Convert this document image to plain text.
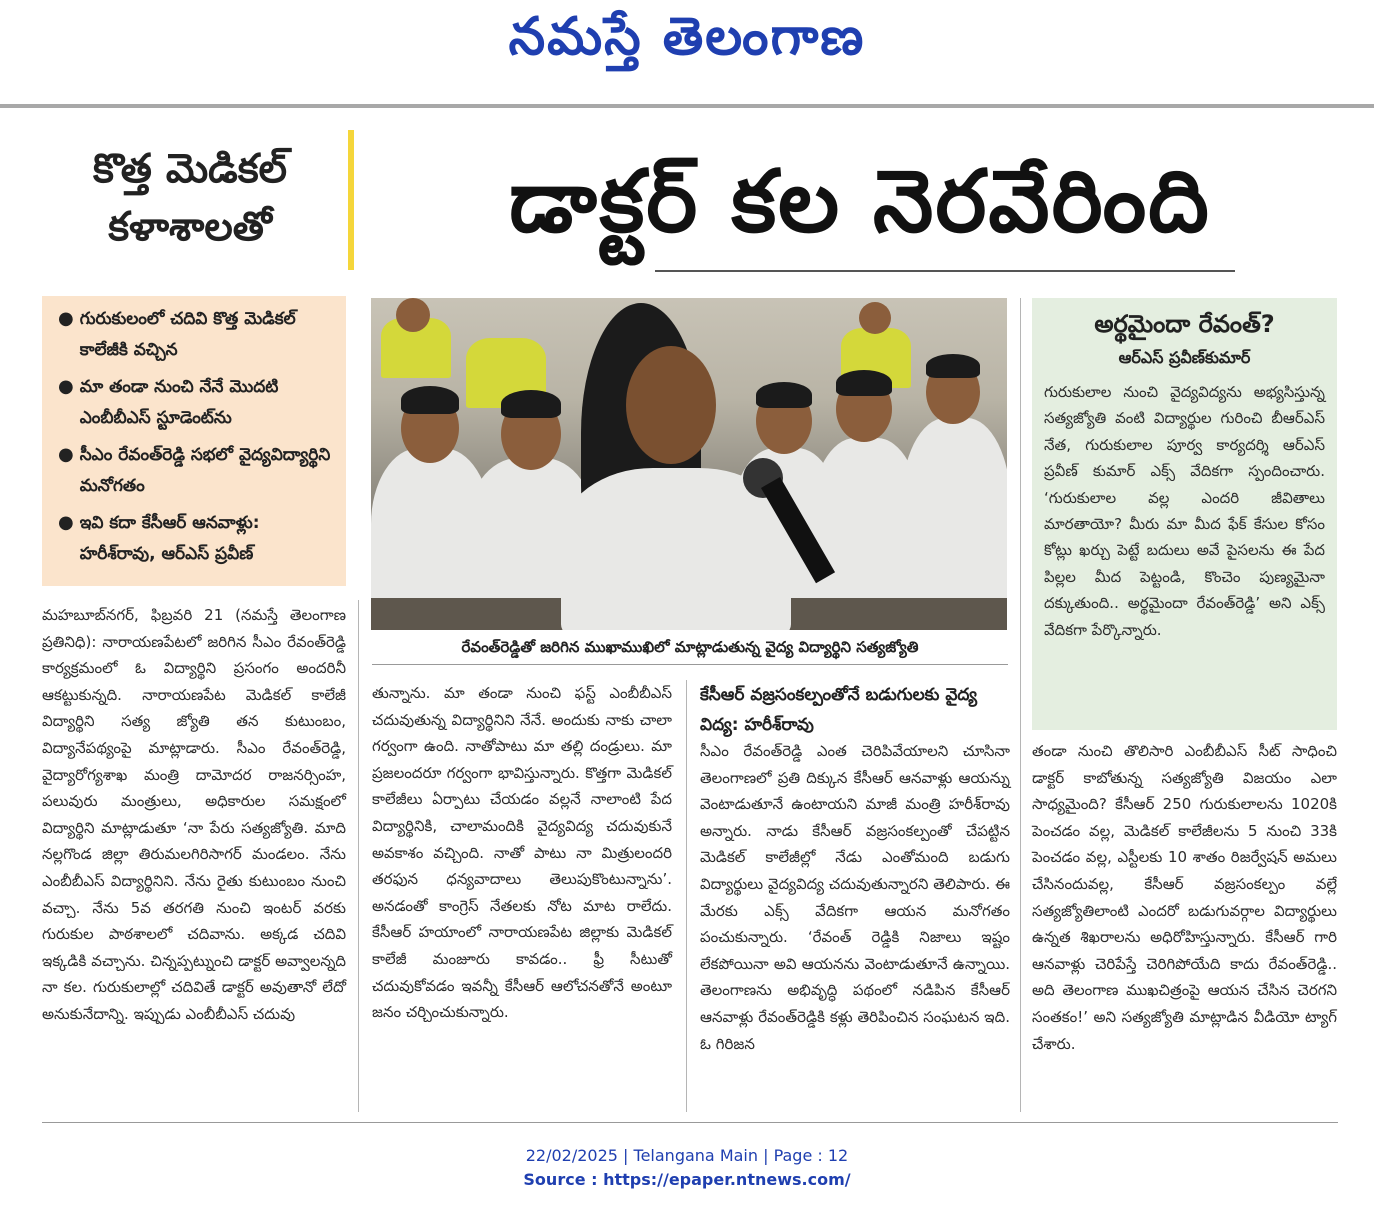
నమస్తే తెలంగాణ
కొత్త మెడికల్
కళాశాలతో	డాక్టర్ కల నెరవేరింది
● గురుకులంలో చదివి కొత్త మెడికల్ కాలేజీకి వచ్చిన
● మా తండా నుంచి నేనే మొదటి ఎంబీబీఎస్ స్టూడెంట్‌ను
● సీఎం రేవంత్‌రెడ్డి సభలో వైద్యవిద్యార్థిని మనోగతం
● ఇవి కదా కేసీఆర్ ఆనవాళ్లు: హరీశ్‌రావు, ఆర్ఎస్ ప్రవీణ్
రేవంత్‌రెడ్డితో జరిగిన ముఖాముఖిలో మాట్లాడుతున్న వైద్య విద్యార్థిని సత్యజ్యోతి
అర్థమైందా రేవంత్?
ఆర్ఎస్ ప్రవీణ్‌కుమార్
గురుకులాల నుంచి వైద్యవిద్యను అభ్యసిస్తున్న సత్యజ్యోతి వంటి విద్యార్థుల గురించి బీఆర్ఎస్ నేత, గురుకులాల పూర్వ కార్యదర్శి ఆర్ఎస్ ప్రవీణ్ కుమార్ ఎక్స్ వేదికగా స్పందించారు. ‘గురుకులాల వల్ల ఎందరి జీవితాలు మారతాయో? మీరు మా మీద ఫేక్ కేసుల కోసం కోట్లు ఖర్చు పెట్టే బదులు అవే పైసలను ఈ పేద పిల్లల మీద పెట్టండి, కొంచెం పుణ్యమైనా దక్కుతుంది.. అర్థమైందా రేవంత్‌రెడ్డి’ అని ఎక్స్ వేదికగా పేర్కొన్నారు.
మహబూబ్‌నగర్, ఫిబ్రవరి 21 (నమస్తే తెలంగాణ ప్రతినిధి): నారాయణపేటలో జరిగిన సీఎం రేవంత్‌రెడ్డి కార్యక్రమంలో ఓ విద్యార్థిని ప్రసంగం అందరినీ ఆకట్టుకున్నది. నారాయణపేట మెడికల్ కాలేజీ విద్యార్థిని సత్య జ్యోతి తన కుటుంబం, విద్యానేపథ్యంపై మాట్లాడారు. సీఎం రేవంత్‌రెడ్డి, వైద్యారోగ్యశాఖ మంత్రి దామోదర రాజనర్సింహ, పలువురు మంత్రులు, అధికారుల సమక్షంలో విద్యార్థిని మాట్లాడుతూ ‘నా పేరు సత్యజ్యోతి. మాది నల్లగొండ జిల్లా తిరుమలగిరిసాగర్ మండలం. నేను ఎంబీబీఎస్ విద్యార్థినిని. నేను రైతు కుటుంబం నుంచి వచ్చా. నేను 5వ తరగతి నుంచి ఇంటర్ వరకు గురుకుల పాఠశాలలో చదివాను. అక్కడ చదివి ఇక్కడికి వచ్చాను. చిన్నప్పట్నుంచి డాక్టర్ అవ్వాలన్నది నా కల. గురుకులాల్లో చదివితే డాక్టర్ అవుతానో లేదో అనుకునేదాన్ని. ఇప్పుడు ఎంబీబీఎస్ చదువు
తున్నాను. మా తండా నుంచి ఫస్ట్ ఎంబీబీఎస్ చదువుతున్న విద్యార్థినిని నేనే. అందుకు నాకు చాలా గర్వంగా ఉంది. నాతోపాటు మా తల్లి దండ్రులు. మా ప్రజలందరూ గర్వంగా భావిస్తున్నారు. కొత్తగా మెడికల్ కాలేజీలు ఏర్పాటు చేయడం వల్లనే నాలాంటి పేద విద్యార్థినికి, చాలామందికి వైద్యవిద్య చదువుకునే అవకాశం వచ్చింది. నాతో పాటు నా మిత్రులందరి తరఫున ధన్యవాదాలు తెలుపుకొంటున్నాను’. అనడంతో కాంగ్రెస్ నేతలకు నోట మాట రాలేదు. కేసీఆర్ హయాంలో నారాయణపేట జిల్లాకు మెడికల్ కాలేజీ మంజూరు కావడం.. ఫ్రీ సీటుతో చదువుకోవడం ఇవన్నీ కేసీఆర్ ఆలోచనతోనే అంటూ జనం చర్చించుకున్నారు.
కేసీఆర్ వజ్రసంకల్పంతోనే బడుగులకు వైద్య విద్య: హరీశ్‌రావు
సీఎం రేవంత్‌రెడ్డి ఎంత చెరిపివేయాలని చూసినా తెలంగాణలో ప్రతి దిక్కున కేసీఆర్ ఆనవాళ్లు ఆయన్ను వెంటాడుతూనే ఉంటాయని మాజీ మంత్రి హరీశ్‌రావు అన్నారు. నాడు కేసీఆర్ వజ్రసంకల్పంతో చేపట్టిన మెడికల్ కాలేజీల్లో నేడు ఎంతోమంది బడుగు విద్యార్థులు వైద్యవిద్య చదువుతున్నారని తెలిపారు. ఈ మేరకు ఎక్స్ వేదికగా ఆయన మనోగతం పంచుకున్నారు. ‘రేవంత్ రెడ్డికి నిజాలు ఇష్టం లేకపోయినా అవి ఆయనను వెంటాడుతూనే ఉన్నాయి. తెలంగాణను అభివృద్ధి పథంలో నడిపిన కేసీఆర్ ఆనవాళ్లు రేవంత్‌రెడ్డికి కళ్లు తెరిపించిన సంఘటన ఇది. ఓ గిరిజన
తండా నుంచి తొలిసారి ఎంబీబీఎస్ సీట్ సాధించి డాక్టర్ కాబోతున్న సత్యజ్యోతి విజయం ఎలా సాధ్యమైంది? కేసీఆర్ 250 గురుకులాలను 1020కి పెంచడం వల్ల, మెడికల్ కాలేజీలను 5 నుంచి 33కి పెంచడం వల్ల, ఎస్టీలకు 10 శాతం రిజర్వేషన్ అమలు చేసినందువల్ల, కేసీఆర్ వజ్రసంకల్పం వల్లే సత్యజ్యోతిలాంటి ఎందరో బడుగువర్గాల విద్యార్థులు ఉన్నత శిఖరాలను అధిరోహిస్తున్నారు. కేసీఆర్ గారి ఆనవాళ్లు చెరిపేస్తే చెరిగిపోయేది కాదు రేవంత్‌రెడ్డి.. అది తెలంగాణ ముఖచిత్రంపై ఆయన చేసిన చెరగని సంతకం!’ అని సత్యజ్యోతి మాట్లాడిన వీడియో ట్యాగ్ చేశారు.
22/02/2025 | Telangana Main | Page : 12
Source : https://epaper.ntnews.com/
